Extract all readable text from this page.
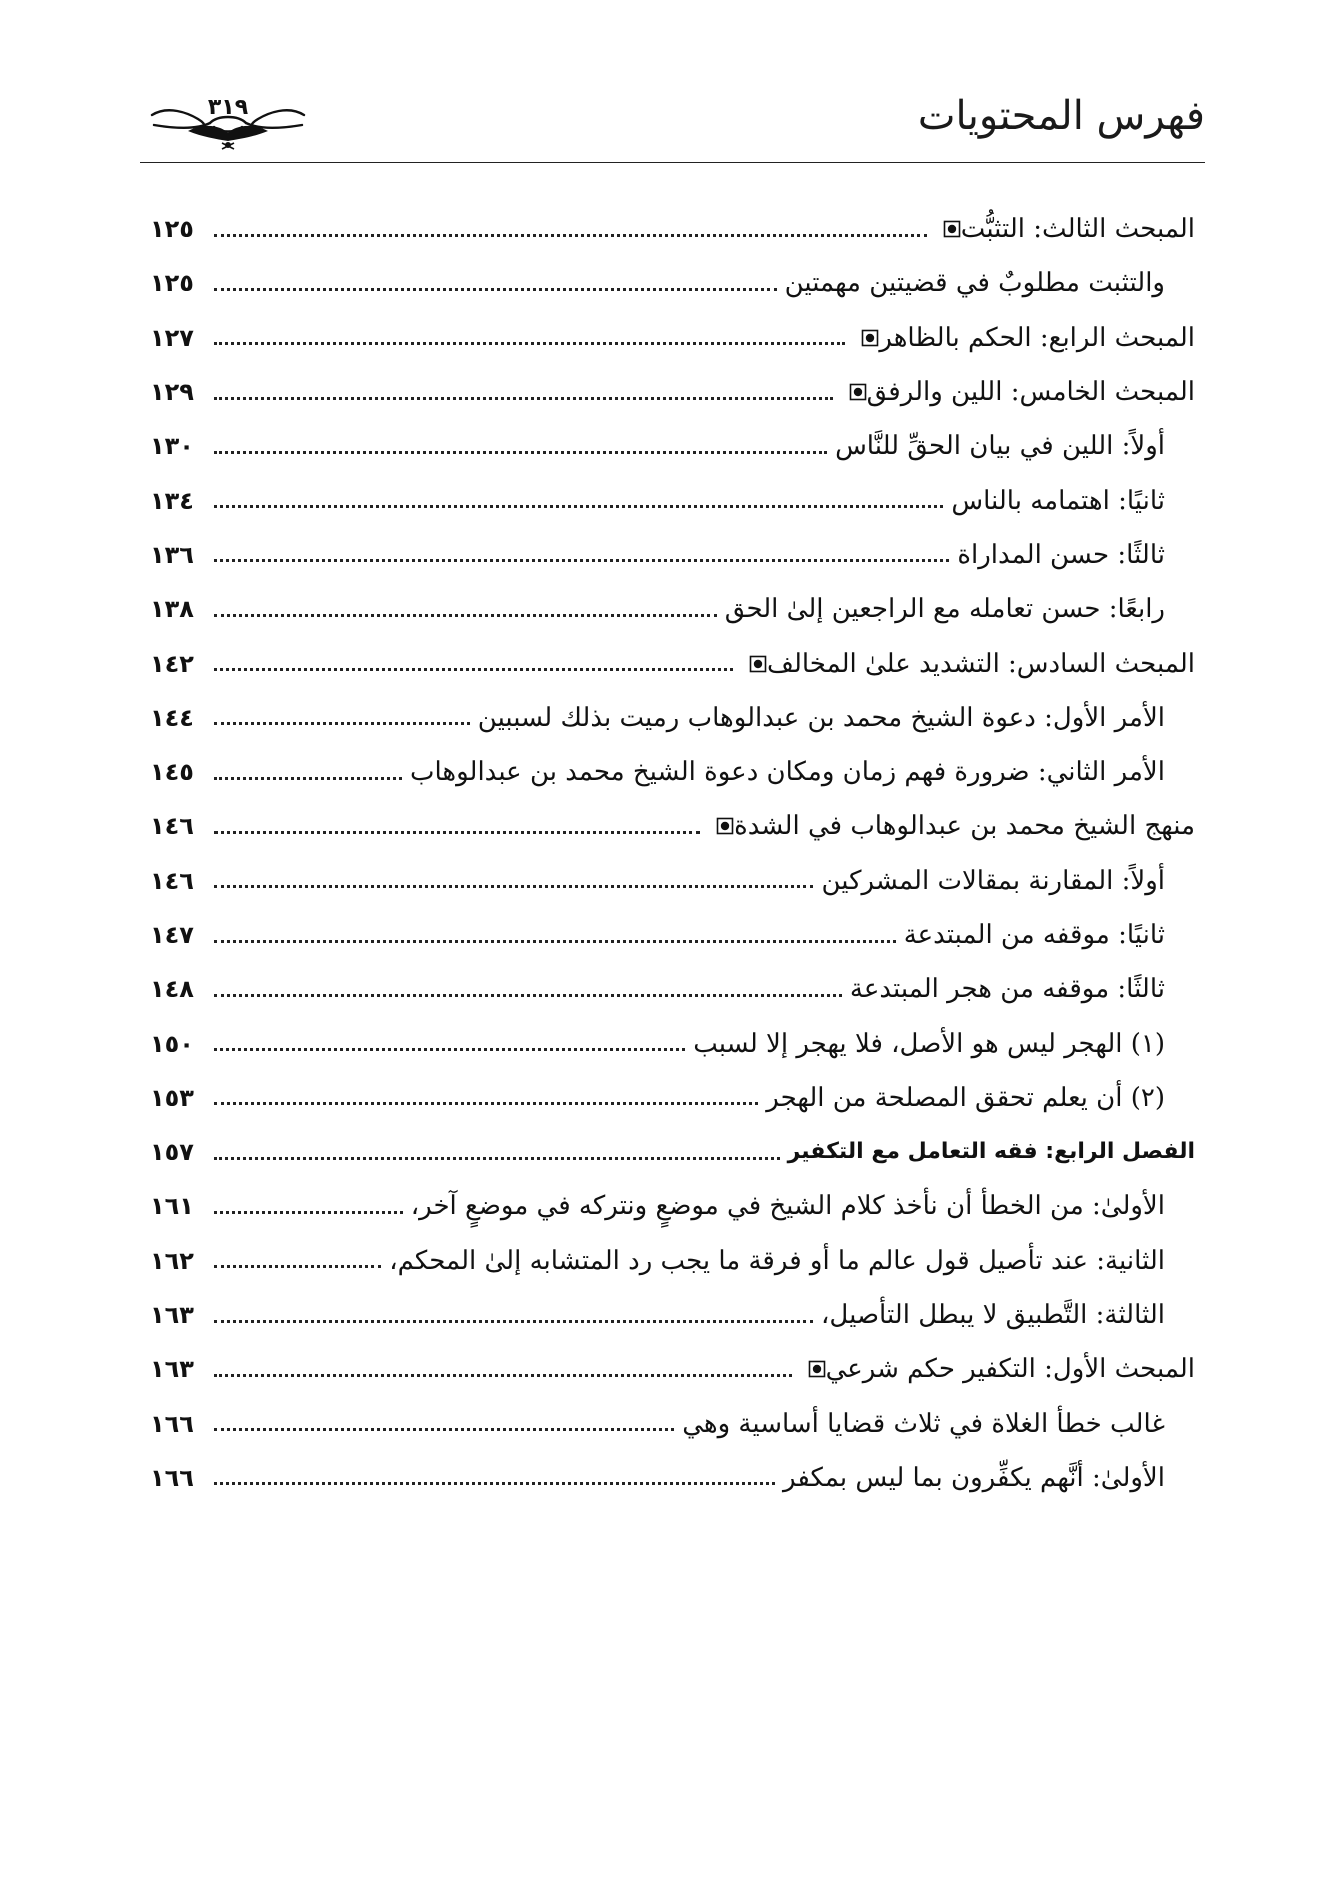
٣١٩	فهرس المحتويات
المبحث الثالث: التثبُّت
١٢٥
والتثبت مطلوبٌ في قضيتين مهمتين
١٢٥
المبحث الرابع: الحكم بالظاهر
١٢٧
المبحث الخامس: اللين والرفق
١٢٩
أولاً: اللين في بيان الحقِّ للنَّاس
١٣٠
ثانيًا: اهتمامه بالناس
١٣٤
ثالثًا: حسن المداراة
١٣٦
رابعًا: حسن تعامله مع الراجعين إلىٰ الحق
١٣٨
المبحث السادس: التشديد علىٰ المخالف
١٤٢
الأمر الأول: دعوة الشيخ محمد بن عبدالوهاب رميت بذلك لسببين
١٤٤
الأمر الثاني: ضرورة فهم زمان ومكان دعوة الشيخ محمد بن عبدالوهاب
١٤٥
منهج الشيخ محمد بن عبدالوهاب في الشدة
١٤٦
أولاً: المقارنة بمقالات المشركين
١٤٦
ثانيًا: موقفه من المبتدعة
١٤٧
ثالثًا: موقفه من هجر المبتدعة
١٤٨
(١) الهجر ليس هو الأصل، فلا يهجر إلا لسبب
١٥٠
(٢) أن يعلم تحقق المصلحة من الهجر
١٥٣
الفصل الرابع: فقه التعامل مع التكفير
١٥٧
الأولىٰ: من الخطأ أن نأخذ كلام الشيخ في موضعٍ ونتركه في موضعٍ آخر،
١٦١
الثانية: عند تأصيل قول عالم ما أو فرقة ما يجب رد المتشابه إلىٰ المحكم،
١٦٢
الثالثة: التَّطبيق لا يبطل التأصيل،
١٦٣
المبحث الأول: التكفير حكم شرعي
١٦٣
غالب خطأ الغلاة في ثلاث قضايا أساسية وهي
١٦٦
الأولىٰ: أنَّهم يكفِّرون بما ليس بمكفر
١٦٦
